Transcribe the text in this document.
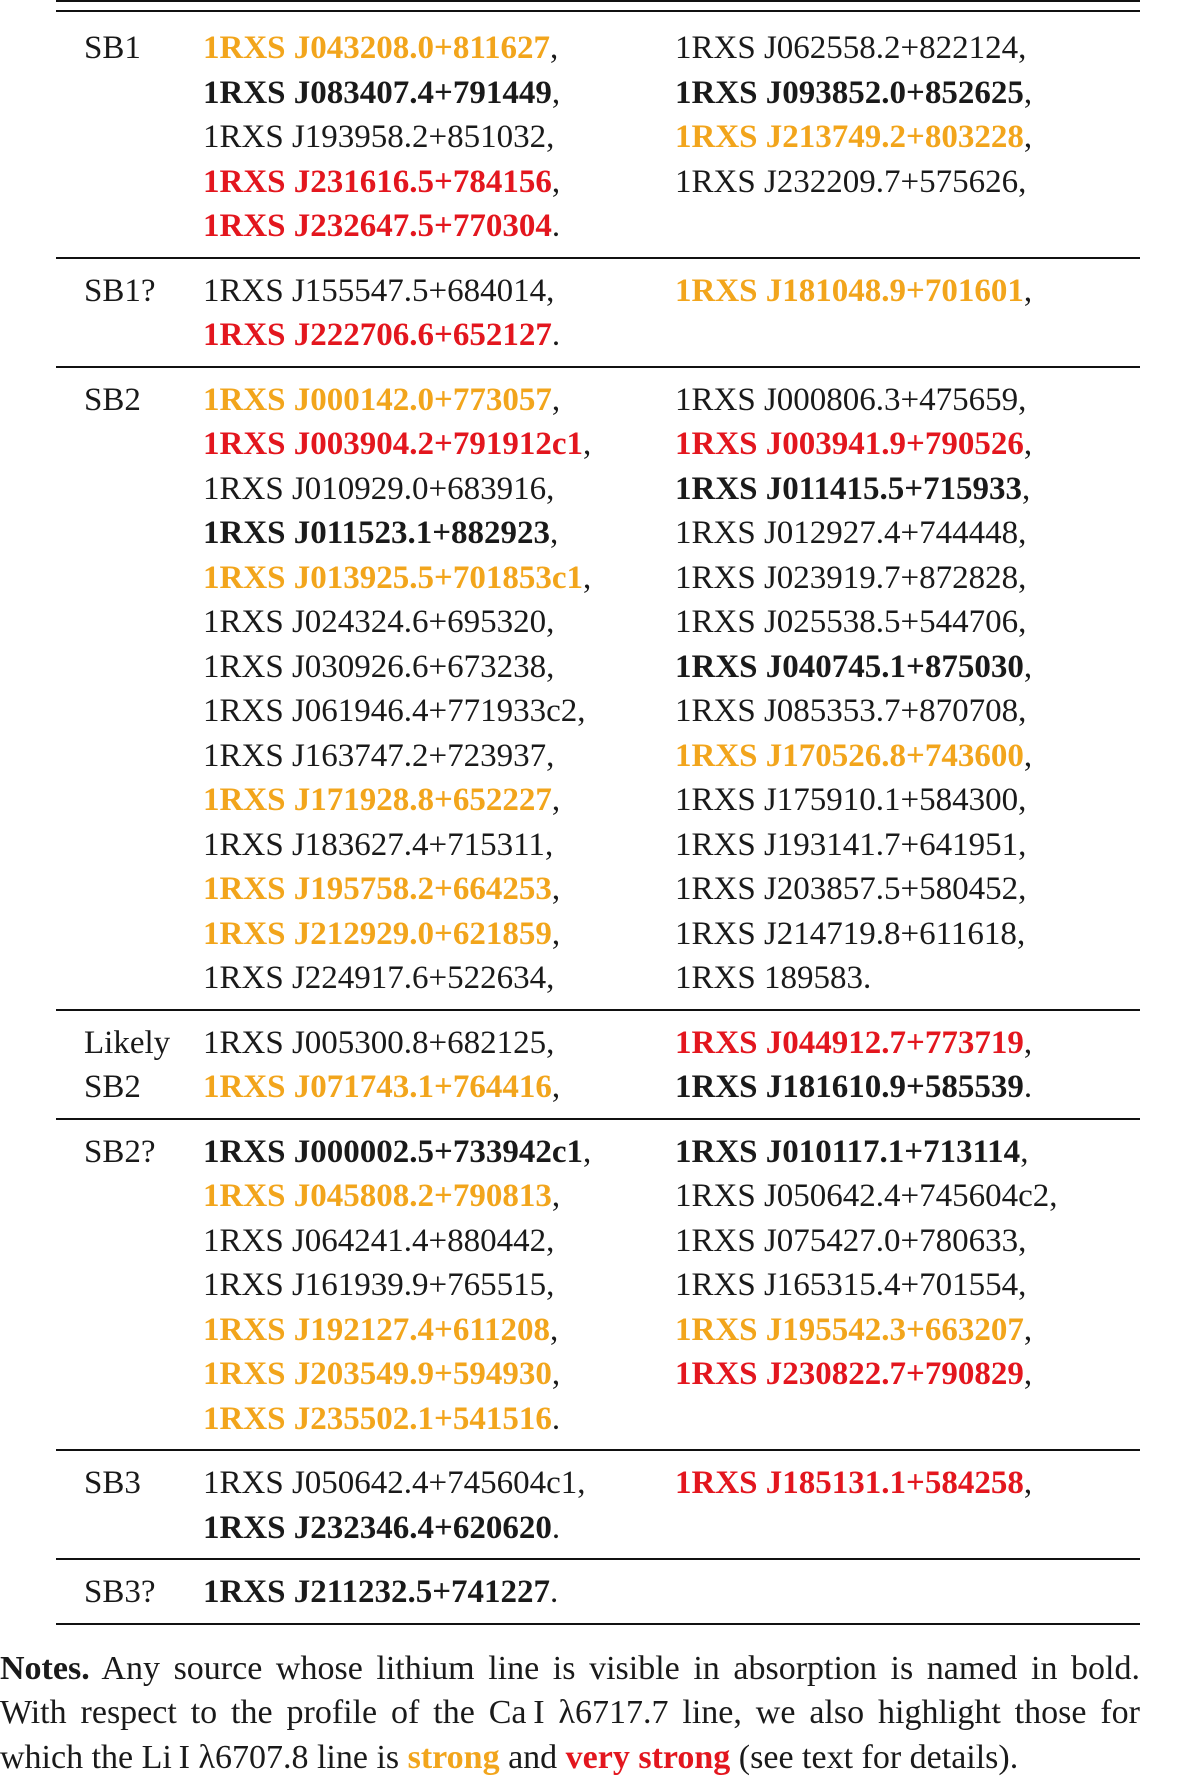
SB1	1RXS J043208.0+811627,	1RXS J062558.2+822124,
1RXS J083407.4+791449,	1RXS J093852.0+852625,
1RXS J193958.2+851032,	1RXS J213749.2+803228,
1RXS J231616.5+784156,	1RXS J232209.7+575626,
1RXS J232647.5+770304.
SB1?	1RXS J155547.5+684014,	1RXS J181048.9+701601,
1RXS J222706.6+652127.
SB2	1RXS J000142.0+773057,	1RXS J000806.3+475659,
1RXS J003904.2+791912c1,	1RXS J003941.9+790526,
1RXS J010929.0+683916,	1RXS J011415.5+715933,
1RXS J011523.1+882923,	1RXS J012927.4+744448,
1RXS J013925.5+701853c1,	1RXS J023919.7+872828,
1RXS J024324.6+695320,	1RXS J025538.5+544706,
1RXS J030926.6+673238,	1RXS J040745.1+875030,
1RXS J061946.4+771933c2,	1RXS J085353.7+870708,
1RXS J163747.2+723937,	1RXS J170526.8+743600,
1RXS J171928.8+652227,	1RXS J175910.1+584300,
1RXS J183627.4+715311,	1RXS J193141.7+641951,
1RXS J195758.2+664253,	1RXS J203857.5+580452,
1RXS J212929.0+621859,	1RXS J214719.8+611618,
1RXS J224917.6+522634,	1RXS 189583.
Likely 1RXS J005300.8+682125,	1RXS J044912.7+773719,
SB2	1RXS J071743.1+764416,	1RXS J181610.9+585539.
SB2?	1RXS J000002.5+733942c1,	1RXS J010117.1+713114,
1RXS J045808.2+790813,	1RXS J050642.4+745604c2,
1RXS J064241.4+880442,	1RXS J075427.0+780633,
1RXS J161939.9+765515,	1RXS J165315.4+701554,
1RXS J192127.4+611208,	1RXS J195542.3+663207,
1RXS J203549.9+594930,	1RXS J230822.7+790829,
1RXS J235502.1+541516.
SB3	1RXS J050642.4+745604c1,	1RXS J185131.1+584258,
1RXS J232346.4+620620.
SB3?	1RXS J211232.5+741227.
Notes. Any source whose lithium line is visible in absorption is named in bold. With respect to the profile of the Ca I λ6717.7 line, we also highlight those for which the Li I λ6707.8 line is strong and very strong (see text for details).
